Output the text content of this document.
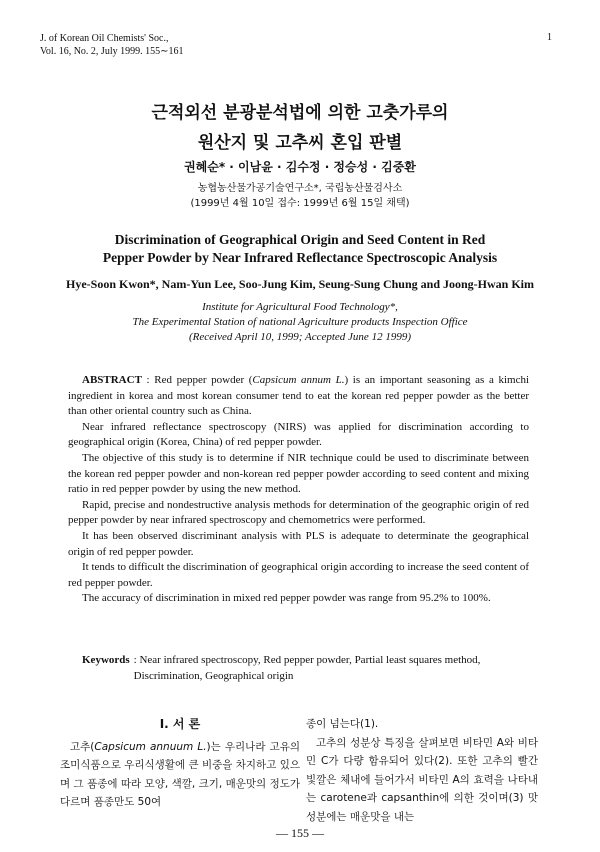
J. of Korean Oil Chemists' Soc.,
Vol. 16, No. 2, July 1999. 155∼161
1
근적외선 분광분석법에 의한 고춧가루의
원산지 및 고추씨 혼입 판별
권혜순* · 이남윤 · 김수정 · 정승성 · 김중환
농협농산물가공기술연구소*, 국립농산물검사소
(1999년 4월 10일 접수: 1999년 6월 15일 채택)
Discrimination of Geographical Origin and Seed Content in Red
Pepper Powder by Near Infrared Reflectance Spectroscopic Analysis
Hye-Soon Kwon*, Nam-Yun Lee, Soo-Jung Kim, Seung-Sung Chung and Joong-Hwan Kim
Institute for Agricultural Food Technology*,
The Experimental Station of national Agriculture products Inspection Office
(Received April 10, 1999; Accepted June 12 1999)

ABSTRACT : Red pepper powder (Capsicum annum L.) is an important seasoning as a kimchi ingredient in korea and most korean consumer tend to eat the korean red pepper powder as the better than other oriental country such as China.

Near infrared reflectance spectroscopy (NIRS) was applied for discrimination according to geographical origin (Korea, China) of red pepper powder.

The objective of this study is to determine if NIR technique could be used to discriminate between the korean red pepper powder and non-korean red pepper powder according to seed content and mixing ratio in red pepper powder by using the new method.

Rapid, precise and nondestructive analysis methods for determination of the geographic origin of red pepper powder by near infrared spectroscopy and chemometrics were performed.

It has been observed discriminant analysis with PLS is adequate to determinate the geographical origin of red pepper powder.

It tends to difficult the discrimination of geographical origin according to increase the seed content of red pepper powder.

The accuracy of discrimination in mixed red pepper powder was range from 95.2% to 100%.

Keywords : Near infrared spectroscopy, Red pepper powder, Partial least squares method, Discrimination, Geographical origin
I. 서 론

고추(Capsicum annuum L.)는 우리나라 고유의 조미식품으로 우리식생활에 큰 비중을 차지하고 있으며 그 품종에 따라 모양, 색깔, 크기, 매운맛의 정도가 다르며 품종만도 50여

종이 넘는다(1).

고추의 성분상 특징을 살펴보면 비타민 A와 비타민 C가 다량 함유되어 있다(2). 또한 고추의 빨간 빛깔은 체내에 들어가서 비타민 A의 효력을 나타내는 carotene과 capsanthin에 의한 것이며(3) 맛성분에는 매운맛을 내는

— 155 —
